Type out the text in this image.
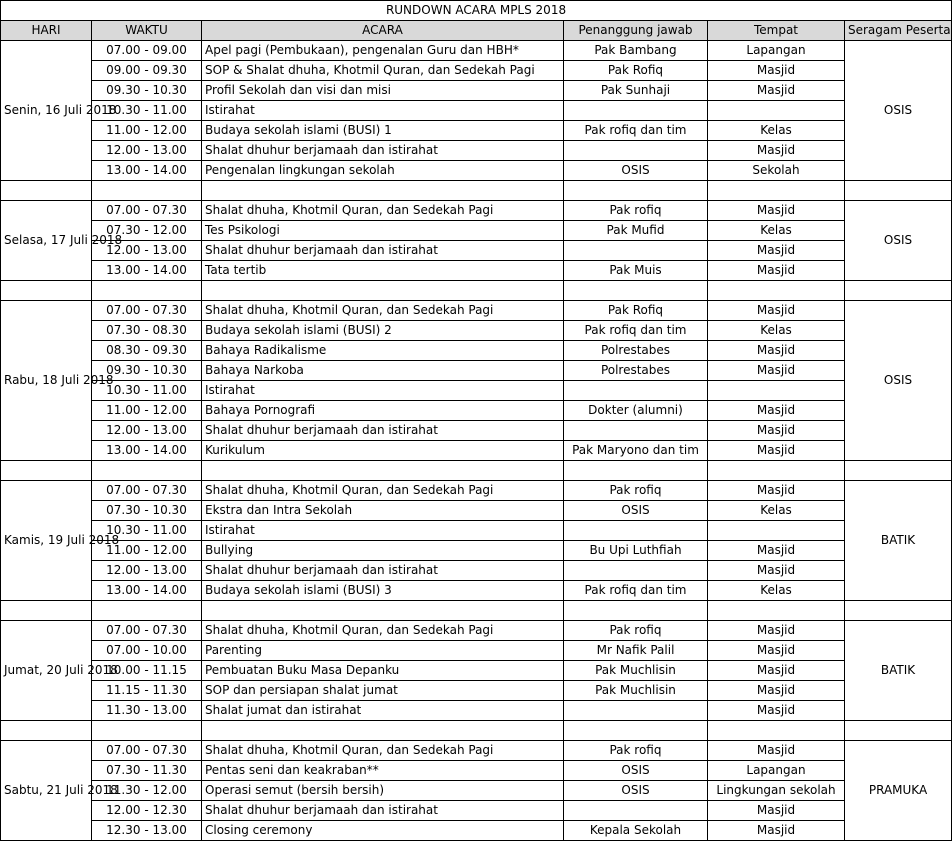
RUNDOWN ACARA MPLS 2018					
HARI	WAKTU	ACARA	Penanggung jawab	Tempat	Seragam Peserta
Senin, 16 Juli 2018	07.00 - 09.00	Apel pagi (Pembukaan), pengenalan Guru dan HBH*	Pak Bambang	Lapangan	OSIS
	09.00 - 09.30	SOP & Shalat dhuha, Khotmil Quran, dan Sedekah Pagi	Pak Rofiq	Masjid	
	09.30 - 10.30	Profil Sekolah dan visi dan misi	Pak Sunhaji	Masjid	
	10.30 - 11.00	Istirahat			
	11.00 - 12.00	Budaya sekolah islami (BUSI) 1	Pak rofiq dan tim	Kelas	
	12.00 - 13.00	Shalat dhuhur berjamaah dan istirahat		Masjid	
	13.00 - 14.00	Pengenalan lingkungan sekolah	OSIS	Sekolah	

Selasa, 17 Juli 2018	07.00 - 07.30	Shalat dhuha, Khotmil Quran, dan Sedekah Pagi	Pak rofiq	Masjid	OSIS
	07.30 - 12.00	Tes Psikologi	Pak Mufid	Kelas	
	12.00 - 13.00	Shalat dhuhur berjamaah dan istirahat		Masjid	
	13.00 - 14.00	Tata tertib	Pak Muis	Masjid	

Rabu, 18 Juli 2018	07.00 - 07.30	Shalat dhuha, Khotmil Quran, dan Sedekah Pagi	Pak Rofiq	Masjid	OSIS
	07.30 - 08.30	Budaya sekolah islami (BUSI) 2	Pak rofiq dan tim	Kelas	
	08.30 - 09.30	Bahaya Radikalisme	Polrestabes	Masjid	
	09.30 - 10.30	Bahaya Narkoba	Polrestabes	Masjid	
	10.30 - 11.00	Istirahat			
	11.00 - 12.00	Bahaya Pornografi	Dokter (alumni)	Masjid	
	12.00 - 13.00	Shalat dhuhur berjamaah dan istirahat		Masjid	
	13.00 - 14.00	Kurikulum	Pak Maryono dan tim	Masjid	

Kamis, 19 Juli 2018	07.00 - 07.30	Shalat dhuha, Khotmil Quran, dan Sedekah Pagi	Pak rofiq	Masjid	BATIK
	07.30 - 10.30	Ekstra dan Intra Sekolah	OSIS	Kelas	
	10.30 - 11.00	Istirahat			
	11.00 - 12.00	Bullying	Bu Upi Luthfiah	Masjid	
	12.00 - 13.00	Shalat dhuhur berjamaah dan istirahat		Masjid	
	13.00 - 14.00	Budaya sekolah islami (BUSI) 3	Pak rofiq dan tim	Kelas	

Jumat, 20 Juli 2018	07.00 - 07.30	Shalat dhuha, Khotmil Quran, dan Sedekah Pagi	Pak rofiq	Masjid	BATIK
	07.00 - 10.00	Parenting	Mr Nafik Palil	Masjid	
	10.00 - 11.15	Pembuatan Buku Masa Depanku	Pak Muchlisin	Masjid	
	11.15 - 11.30	SOP dan persiapan shalat jumat	Pak Muchlisin	Masjid	
	11.30 - 13.00	Shalat jumat dan istirahat		Masjid	

Sabtu, 21 Juli 2018	07.00 - 07.30	Shalat dhuha, Khotmil Quran, dan Sedekah Pagi	Pak rofiq	Masjid	PRAMUKA
	07.30 - 11.30	Pentas seni dan keakraban**	OSIS	Lapangan	
	11.30 - 12.00	Operasi semut (bersih bersih)	OSIS	Lingkungan sekolah	
	12.00 - 12.30	Shalat dhuhur berjamaah dan istirahat		Masjid	
	12.30 - 13.00	Closing ceremony	Kepala Sekolah	Masjid	
